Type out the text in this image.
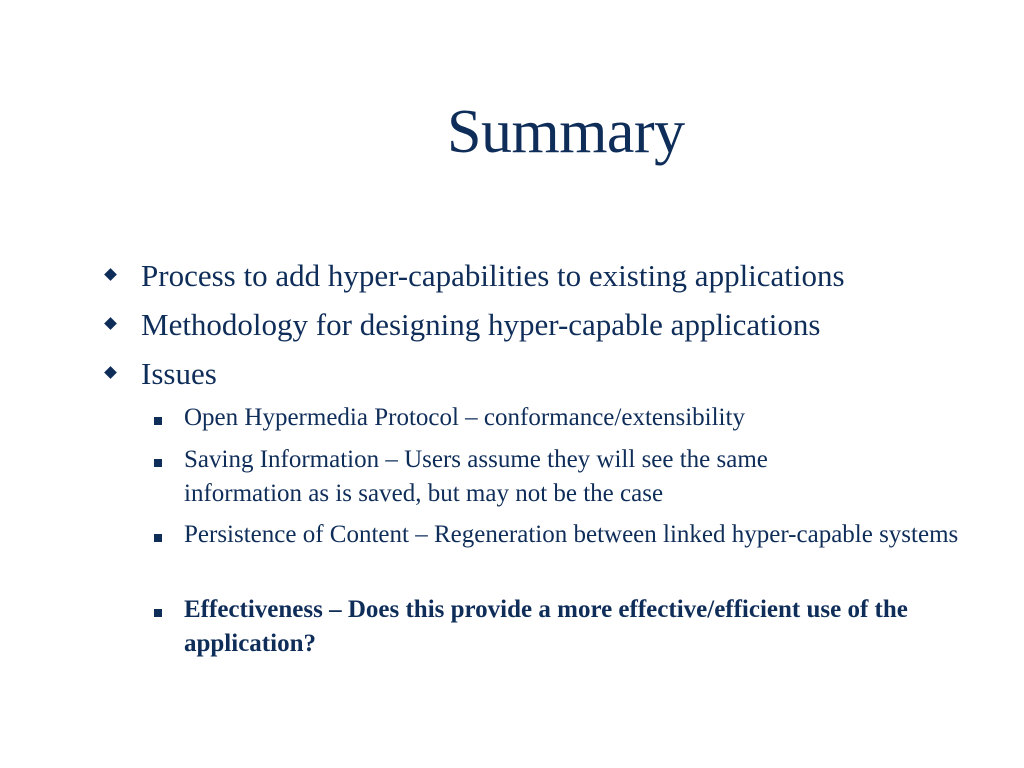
Summary
Process to add hyper-capabilities to existing applications
Methodology for designing hyper-capable applications
Issues
Open Hypermedia Protocol – conformance/extensibility
Saving Information – Users assume they will see the same information as is saved, but may not be the case
Persistence of Content – Regeneration between linked hyper-capable systems
Effectiveness – Does this provide a more effective/efficient use of the application?
